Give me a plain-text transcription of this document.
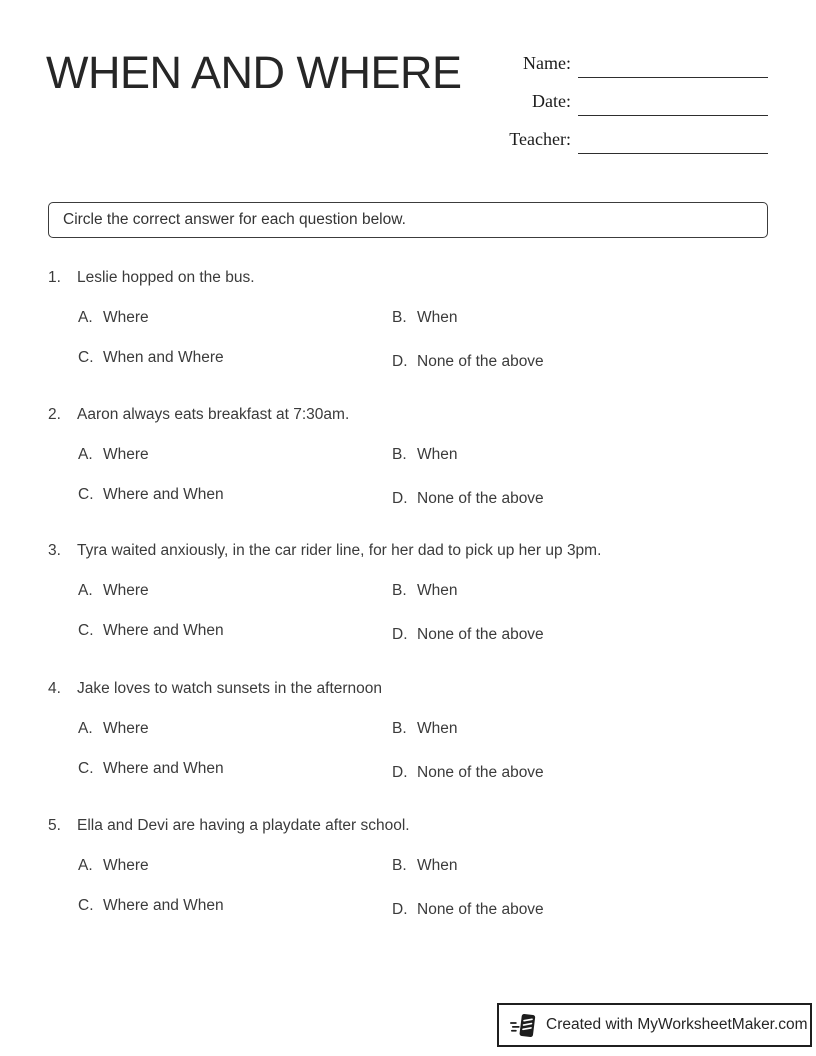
WHEN AND WHERE	Name:
Date:
Teacher:
Circle the correct answer for each question below.
1.	Leslie hopped on the bus.
A. Where	B. When
C. When and Where	D. None of the above
2.	Aaron always eats breakfast at 7:30am.
A. Where	B. When
C. Where and When	D. None of the above
3.	Tyra waited anxiously, in the car rider line, for her dad to pick up her up 3pm.
A. Where	B. When
C. Where and When	D. None of the above
4.	Jake loves to watch sunsets in the afternoon
A. Where	B. When
C. Where and When	D. None of the above
5.	Ella and Devi are having a playdate after school.
A. Where	B. When
C. Where and When	D. None of the above
Created with MyWorksheetMaker.com
